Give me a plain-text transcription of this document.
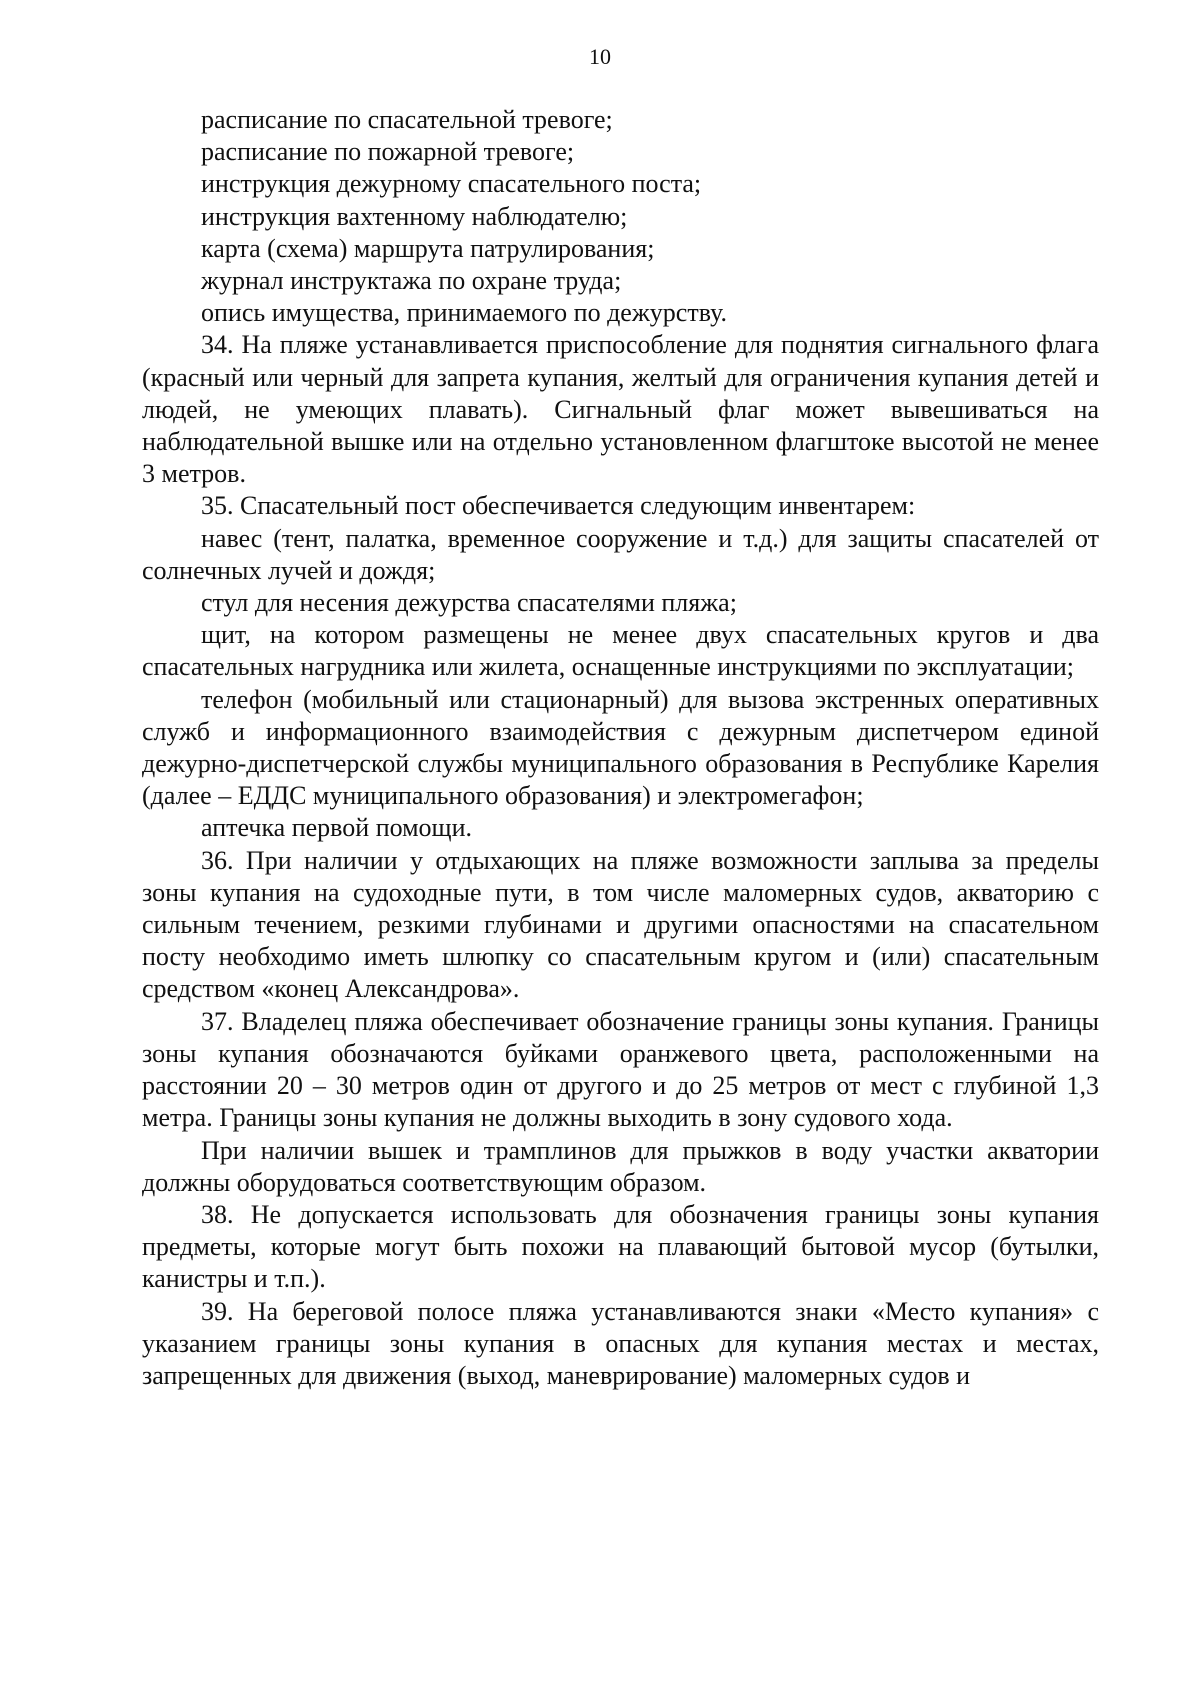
10

расписание по спасательной тревоге;

расписание по пожарной тревоге;

инструкция дежурному спасательного поста;

инструкция вахтенному наблюдателю;

карта (схема) маршрута патрулирования;

журнал инструктажа по охране труда;

опись имущества, принимаемого по дежурству.

34. На пляже устанавливается приспособление для поднятия сигнального флага (красный или черный для запрета купания, желтый для ограничения купания детей и людей, не умеющих плавать). Сигнальный флаг может вывешиваться на наблюдательной вышке или на отдельно установленном флагштоке высотой не менее 3 метров.

35. Спасательный пост обеспечивается следующим инвентарем:

навес (тент, палатка, временное сооружение и т.д.) для защиты спасателей от солнечных лучей и дождя;

стул для несения дежурства спасателями пляжа;

щит, на котором размещены не менее двух спасательных кругов и два спасательных нагрудника или жилета, оснащенные инструкциями по эксплуатации;

телефон (мобильный или стационарный) для вызова экстренных оперативных служб и информационного взаимодействия с дежурным диспетчером единой дежурно-диспетчерской службы муниципального образования в Республике Карелия (далее – ЕДДС муниципального образования) и электромегафон;

аптечка первой помощи.

36. При наличии у отдыхающих на пляже возможности заплыва за пределы зоны купания на судоходные пути, в том числе маломерных судов, акваторию с сильным течением, резкими глубинами и другими опасностями на спасательном посту необходимо иметь шлюпку со спасательным кругом и (или) спасательным средством «конец Александрова».

37. Владелец пляжа обеспечивает обозначение границы зоны купания. Границы зоны купания обозначаются буйками оранжевого цвета, расположенными на расстоянии 20 – 30 метров один от другого и до 25 метров от мест с глубиной 1,3 метра. Границы зоны купания не должны выходить в зону судового хода.

При наличии вышек и трамплинов для прыжков в воду участки акватории должны оборудоваться соответствующим образом.

38. Не допускается использовать для обозначения границы зоны купания предметы, которые могут быть похожи на плавающий бытовой мусор (бутылки, канистры и т.п.).

39. На береговой полосе пляжа устанавливаются знаки «Место купания» с указанием границы зоны купания в опасных для купания местах и местах, запрещенных для движения (выход, маневрирование) маломерных судов и
